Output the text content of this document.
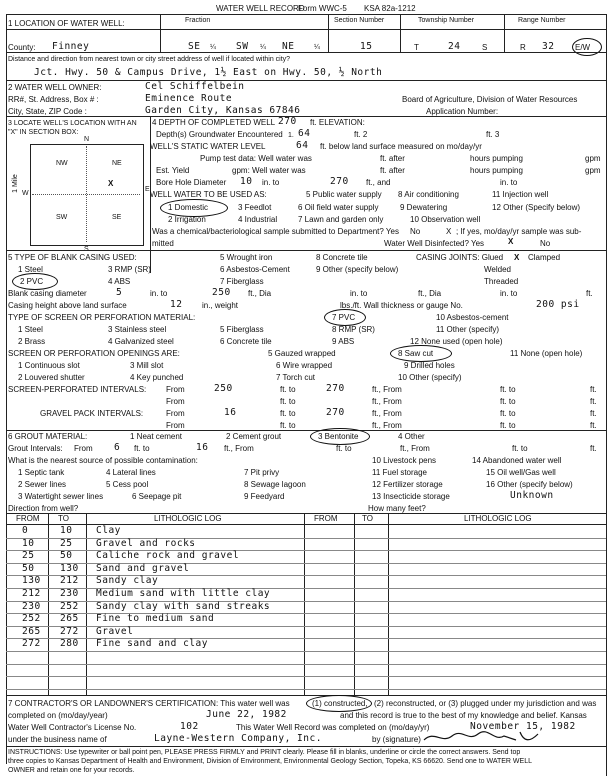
WATER WELL RECORD
Form WWC-5 KSA 82a-1212
1 LOCATION OF WATER WELL:	Fraction	Section Number	Township Number	Range Number
County: Finney	SE ¼ SW ¼ NE	¼	15	T	24	S	R 32	E/W
Distance and direction from nearest town or city street address of well if located within city?
Jct. Hwy. 50 & Campus Drive, 1½ East on Hwy. 50, ½ North
2 WATER WELL OWNER:	Cel Schiffelbein
RR#, St. Address, Box # :	Eminence Route	Board of Agriculture, Division of Water Resources
City, State, ZIP Code :	Garden City, Kansas 67846	Application Number:
3 LOCATE WELL'S LOCATION WITH AN "X" IN SECTION BOX:
N
S
W
E
1 Mile
NW	NE
SW	SE
X
4 DEPTH OF COMPLETED WELL 270 ft. ELEVATION:
Depth(s) Groundwater Encountered 1. 64	ft. 2	ft. 3
WELL'S STATIC WATER LEVEL	64 ft. below land surface measured on mo/day/yr
Pump test data: Well water was	ft. after	hours pumping	gpm
Est. Yield	gpm: Well water was	ft. after	hours pumping	gpm
Bore Hole Diameter 10 in. to	270 ft., and	in. to
WELL WATER TO BE USED AS:	5 Public water supply 8 Air conditioning	11 Injection well
1 Domestic	3 Feedlot	6 Oil field water supply	9 Dewatering	12 Other (Specify below)
2 Irrigation	4 Industrial	7 Lawn and garden only	10 Observation well
Was a chemical/bacteriological sample submitted to Department? Yes No	X ; If yes, mo/day/yr sample was sub-
mitted	Water Well Disinfected? Yes	X	No
5 TYPE OF BLANK CASING USED:	5 Wrought iron	8 Concrete tile	CASING JOINTS: Glued X Clamped
1 Steel	3 RMP (SR)	6 Asbestos-Cement	9 Other (specify below)	Welded
2 PVC	4 ABS	7 Fiberglass	Threaded
Blank casing diameter	5	in. to	250 ft., Dia	in. to	ft., Dia	in. to	ft.
Casing height above land surface	12 in., weight	lbs./ft. Wall thickness or gauge No.	200 psi
TYPE OF SCREEN OR PERFORATION MATERIAL:
1 Steel	3 Stainless steel	5 Fiberglass
7 PVC	10 Asbestos-cement
8 RMP (SR)	11 Other (specify)
2 Brass	4 Galvanized steel	6 Concrete tile	9 ABS	12 None used (open hole)
SCREEN OR PERFORATION OPENINGS ARE:	5 Gauzed wrapped	8 Saw cut	11 None (open hole)
1 Continuous slot	3 Mill slot	6 Wire wrapped	9 Drilled holes
2 Louvered shutter	4 Key punched	7 Torch cut	10 Other (specify)
SCREEN-PERFORATED INTERVALS: From	250	ft. to	270	ft., From	ft. to	ft.
From	ft. to	ft., From	ft. to	ft.
GRAVEL PACK INTERVALS:	From	16	ft. to	270	ft., From	ft. to	ft.
From	ft. to	ft., From	ft. to	ft.
6 GROUT MATERIAL:	1 Neat cement	2 Cement grout	3 Bentonite	4 Other
Grout Intervals: From 6 ft. to	16 ft., From	ft. to	ft., From	ft. to	ft.
What is the nearest source of possible contamination:	10 Livestock pens	14 Abandoned water well
1 Septic tank	4 Lateral lines	7 Pit privy	11 Fuel storage	15 Oil well/Gas well
2 Sewer lines	5 Cess pool	8 Sewage lagoon	12 Fertilizer storage	16 Other (specify below)
3 Watertight sewer lines	6 Seepage pit	9 Feedyard	13 Insecticide storage	Unknown
Direction from well?	How many feet?
FROM TO	LITHOLOGIC LOG	FROM	TO	LITHOLOGIC LOG
0	10 Clay
10	25 Gravel and rocks
25	50 Caliche rock and gravel
50	130 Sand and gravel
130 212 Sandy clay
212 230 Medium sand with little clay
230 252 Sandy clay with sand streaks
252 265 Fine to medium sand
265 272 Gravel
272 280 Fine sand and clay
7 CONTRACTOR'S OR LANDOWNER'S CERTIFICATION: This water well was	(1) constructed, (2) reconstructed, or (3) plugged under my jurisdiction and was
completed on (mo/day/year)	June 22, 1982	and this record is true to the best of my knowledge and belief. Kansas
Water Well Contractor's License No.	102	This Water Well Record was completed on (mo/day/yr)	November 15, 1982
under the business name of	Layne-Western Company, Inc.	by (signature)
INSTRUCTIONS: Use typewriter or ball point pen, PLEASE PRESS FIRMLY and PRINT clearly. Please fill in blanks, underline or circle the correct answers. Send top
three copies to Kansas Department of Health and Environment, Division of Environment, Environmental Geology Section, Topeka, KS 66620. Send one to WATER WELL
OWNER and retain one for your records.
